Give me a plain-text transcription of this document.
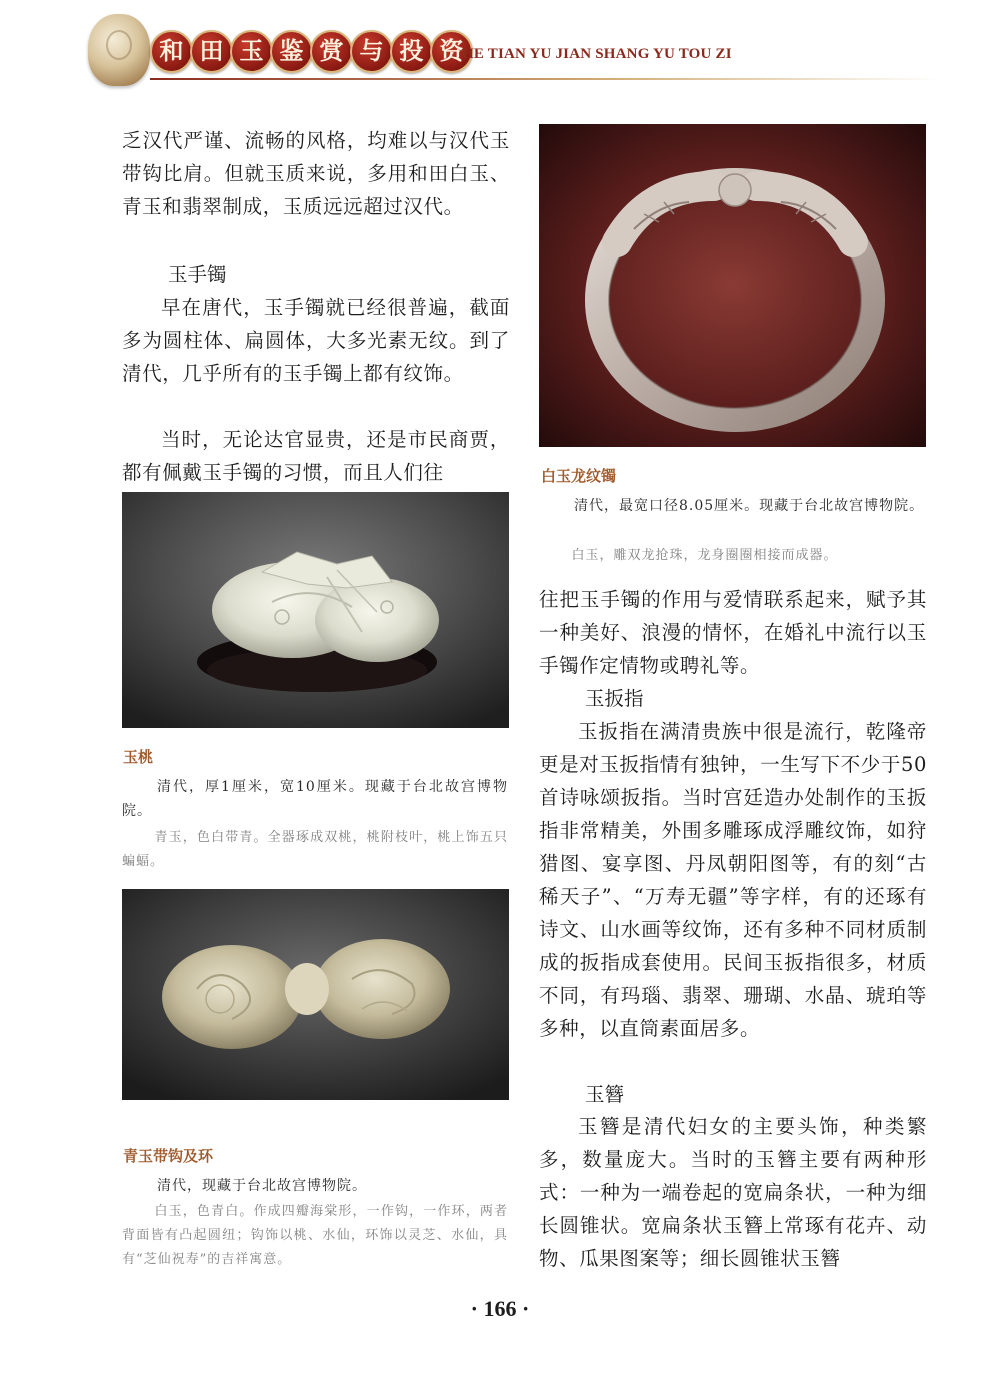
和 田 玉 鉴 赏 与 投 资
HE TIAN YU JIAN SHANG YU TOU ZI

乏汉代严谨、流畅的风格，均难以与汉代玉带钩比肩。但就玉质来说，多用和田白玉、青玉和翡翠制成，玉质远远超过汉代。

玉手镯

早在唐代，玉手镯就已经很普遍，截面多为圆柱体、扁圆体，大多光素无纹。到了清代，几乎所有的玉手镯上都有纹饰。

当时，无论达官显贵，还是市民商贾，都有佩戴玉手镯的习惯，而且人们往

玉桃

清代，厚1厘米，宽10厘米。现藏于台北故宫博物院。

青玉，色白带青。全器琢成双桃，桃附枝叶，桃上饰五只蝙蝠。

青玉带钩及环

清代，现藏于台北故宫博物院。

白玉，色青白。作成四瓣海棠形，一作钩，一作环，两者背面皆有凸起圆纽；钩饰以桃、水仙，环饰以灵芝、水仙，具有“芝仙祝寿”的吉祥寓意。

白玉龙纹镯

清代，最宽口径8.05厘米。现藏于台北故宫博物院。

白玉，雕双龙抢珠，龙身圈圈相接而成器。

往把玉手镯的作用与爱情联系起来，赋予其一种美好、浪漫的情怀，在婚礼中流行以玉手镯作定情物或聘礼等。

玉扳指

玉扳指在满清贵族中很是流行，乾隆帝更是对玉扳指情有独钟，一生写下不少于50首诗咏颂扳指。当时宫廷造办处制作的玉扳指非常精美，外围多雕琢成浮雕纹饰，如狩猎图、宴享图、丹凤朝阳图等，有的刻“古稀天子”、“万寿无疆”等字样，有的还琢有诗文、山水画等纹饰，还有多种不同材质制成的扳指成套使用。民间玉扳指很多，材质不同，有玛瑙、翡翠、珊瑚、水晶、琥珀等多种，以直筒素面居多。

玉簪

玉簪是清代妇女的主要头饰，种类繁多，数量庞大。当时的玉簪主要有两种形式：一种为一端卷起的宽扁条状，一种为细长圆锥状。宽扁条状玉簪上常琢有花卉、动物、瓜果图案等；细长圆锥状玉簪

· 166 ·
